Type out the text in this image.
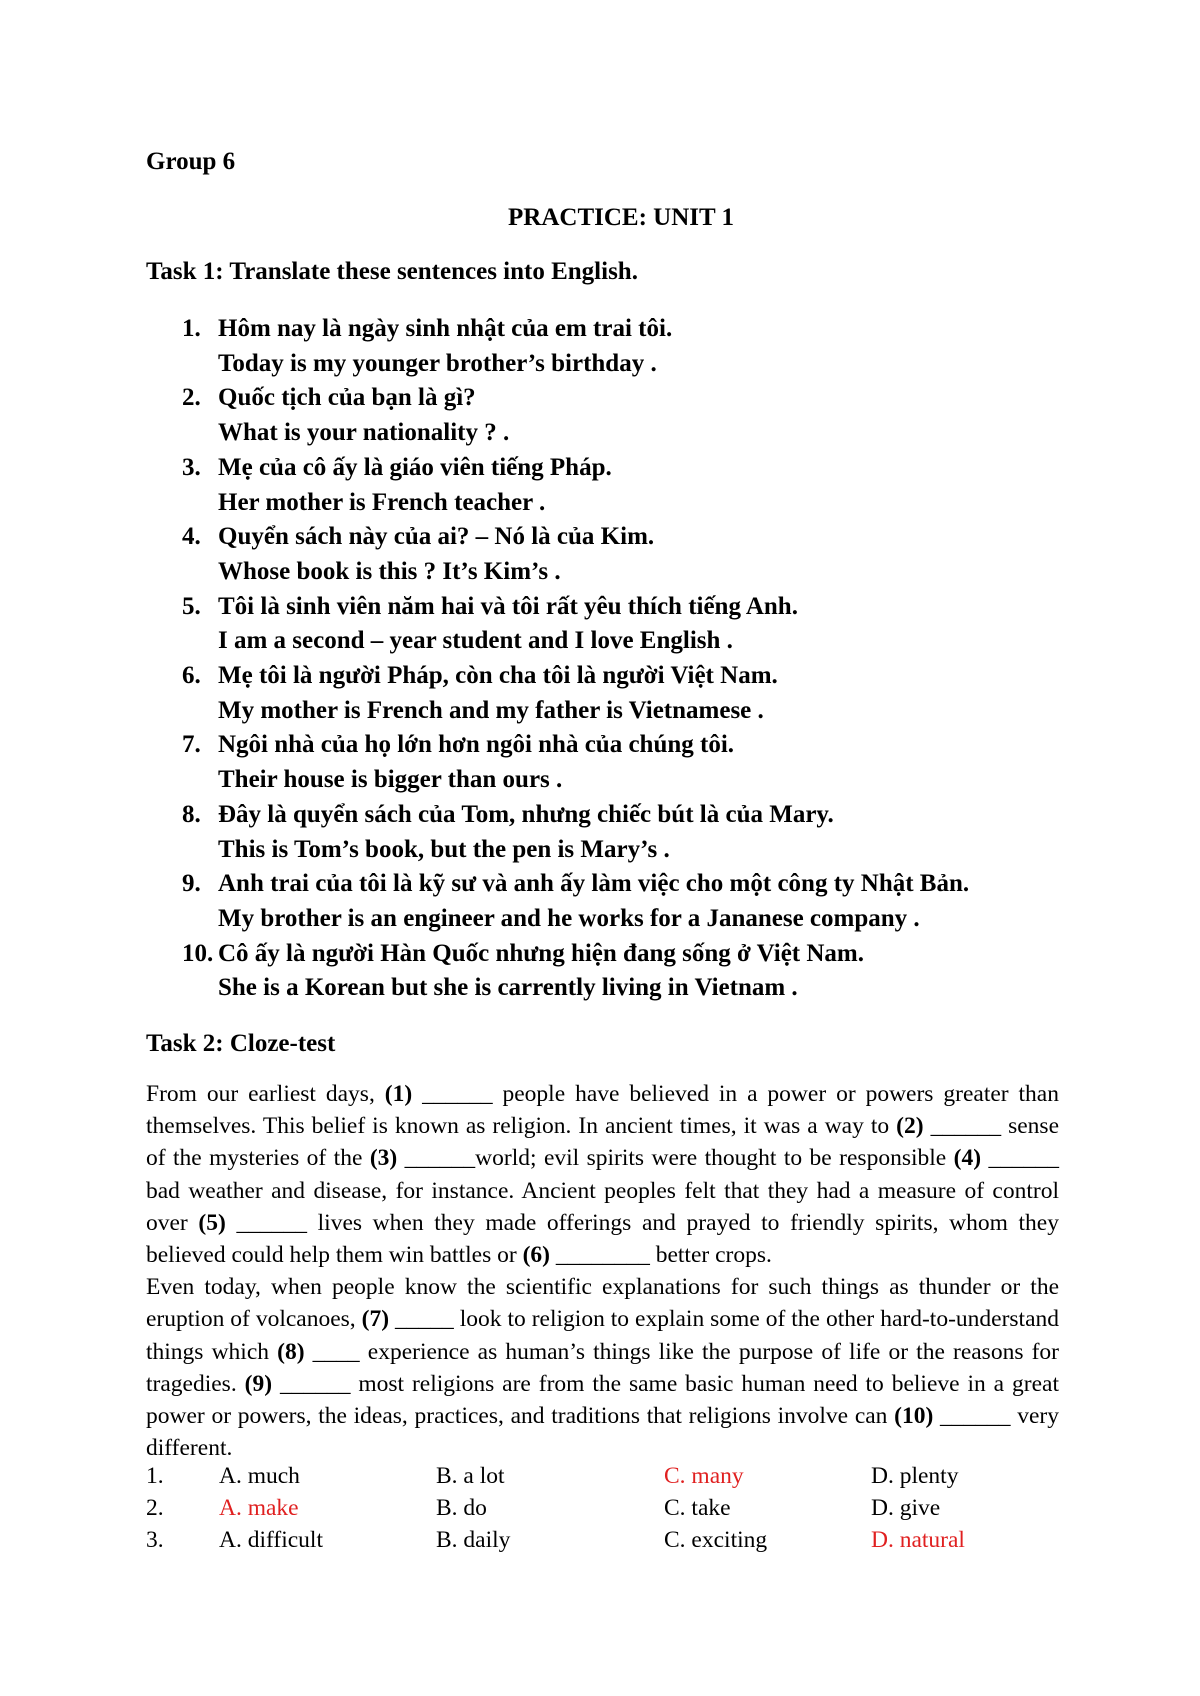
Group 6
PRACTICE: UNIT 1
Task 1: Translate these sentences into English.
1. Hôm nay là ngày sinh nhật của em trai tôi.
Today is my younger brother’s birthday .
2. Quốc tịch của bạn là gì?
What is your nationality ? .
3. Mẹ của cô ấy là giáo viên tiếng Pháp.
Her mother is French teacher .
4. Quyển sách này của ai? – Nó là của Kim.
Whose book is this ? It’s Kim’s .
5. Tôi là sinh viên năm hai và tôi rất yêu thích tiếng Anh.
I am a second – year student and I love English .
6. Mẹ tôi là người Pháp, còn cha tôi là người Việt Nam.
My mother is French and my father is Vietnamese .
7. Ngôi nhà của họ lớn hơn ngôi nhà của chúng tôi.
Their house is bigger than ours .
8. Đây là quyển sách của Tom, nhưng chiếc bút là của Mary.
This is Tom’s book, but the pen is Mary’s .
9. Anh trai của tôi là kỹ sư và anh ấy làm việc cho một công ty Nhật Bản.
My brother is an engineer and he works for a Jananese company .
10. Cô ấy là người Hàn Quốc nhưng hiện đang sống ở Việt Nam.
She is a Korean but she is carrently living in Vietnam .
Task 2: Cloze-test

From our earliest days, (1) ______ people have believed in a power or powers greater than themselves. This belief is known as religion. In ancient times, it was a way to (2) ______ sense of the mysteries of the (3) ______world; evil spirits were thought to be responsible (4) ______ bad weather and disease, for instance. Ancient peoples felt that they had a measure of control over (5) ______ lives when they made offerings and prayed to friendly spirits, whom they believed could help them win battles or (6) ________ better crops.

Even today, when people know the scientific explanations for such things as thunder or the eruption of volcanoes, (7) _____ look to religion to explain some of the other hard-to-understand things which (8) ____ experience as human’s things like the purpose of life or the reasons for tragedies. (9) ______ most religions are from the same basic human need to believe in a great power or powers, the ideas, practices, and traditions that religions involve can (10) ______ very different.

1. A. much	B. a lot	C. many	D. plenty
2. A. make	B. do	C. take	D. give
3. A. difficult	B. daily	C. exciting	D. natural
